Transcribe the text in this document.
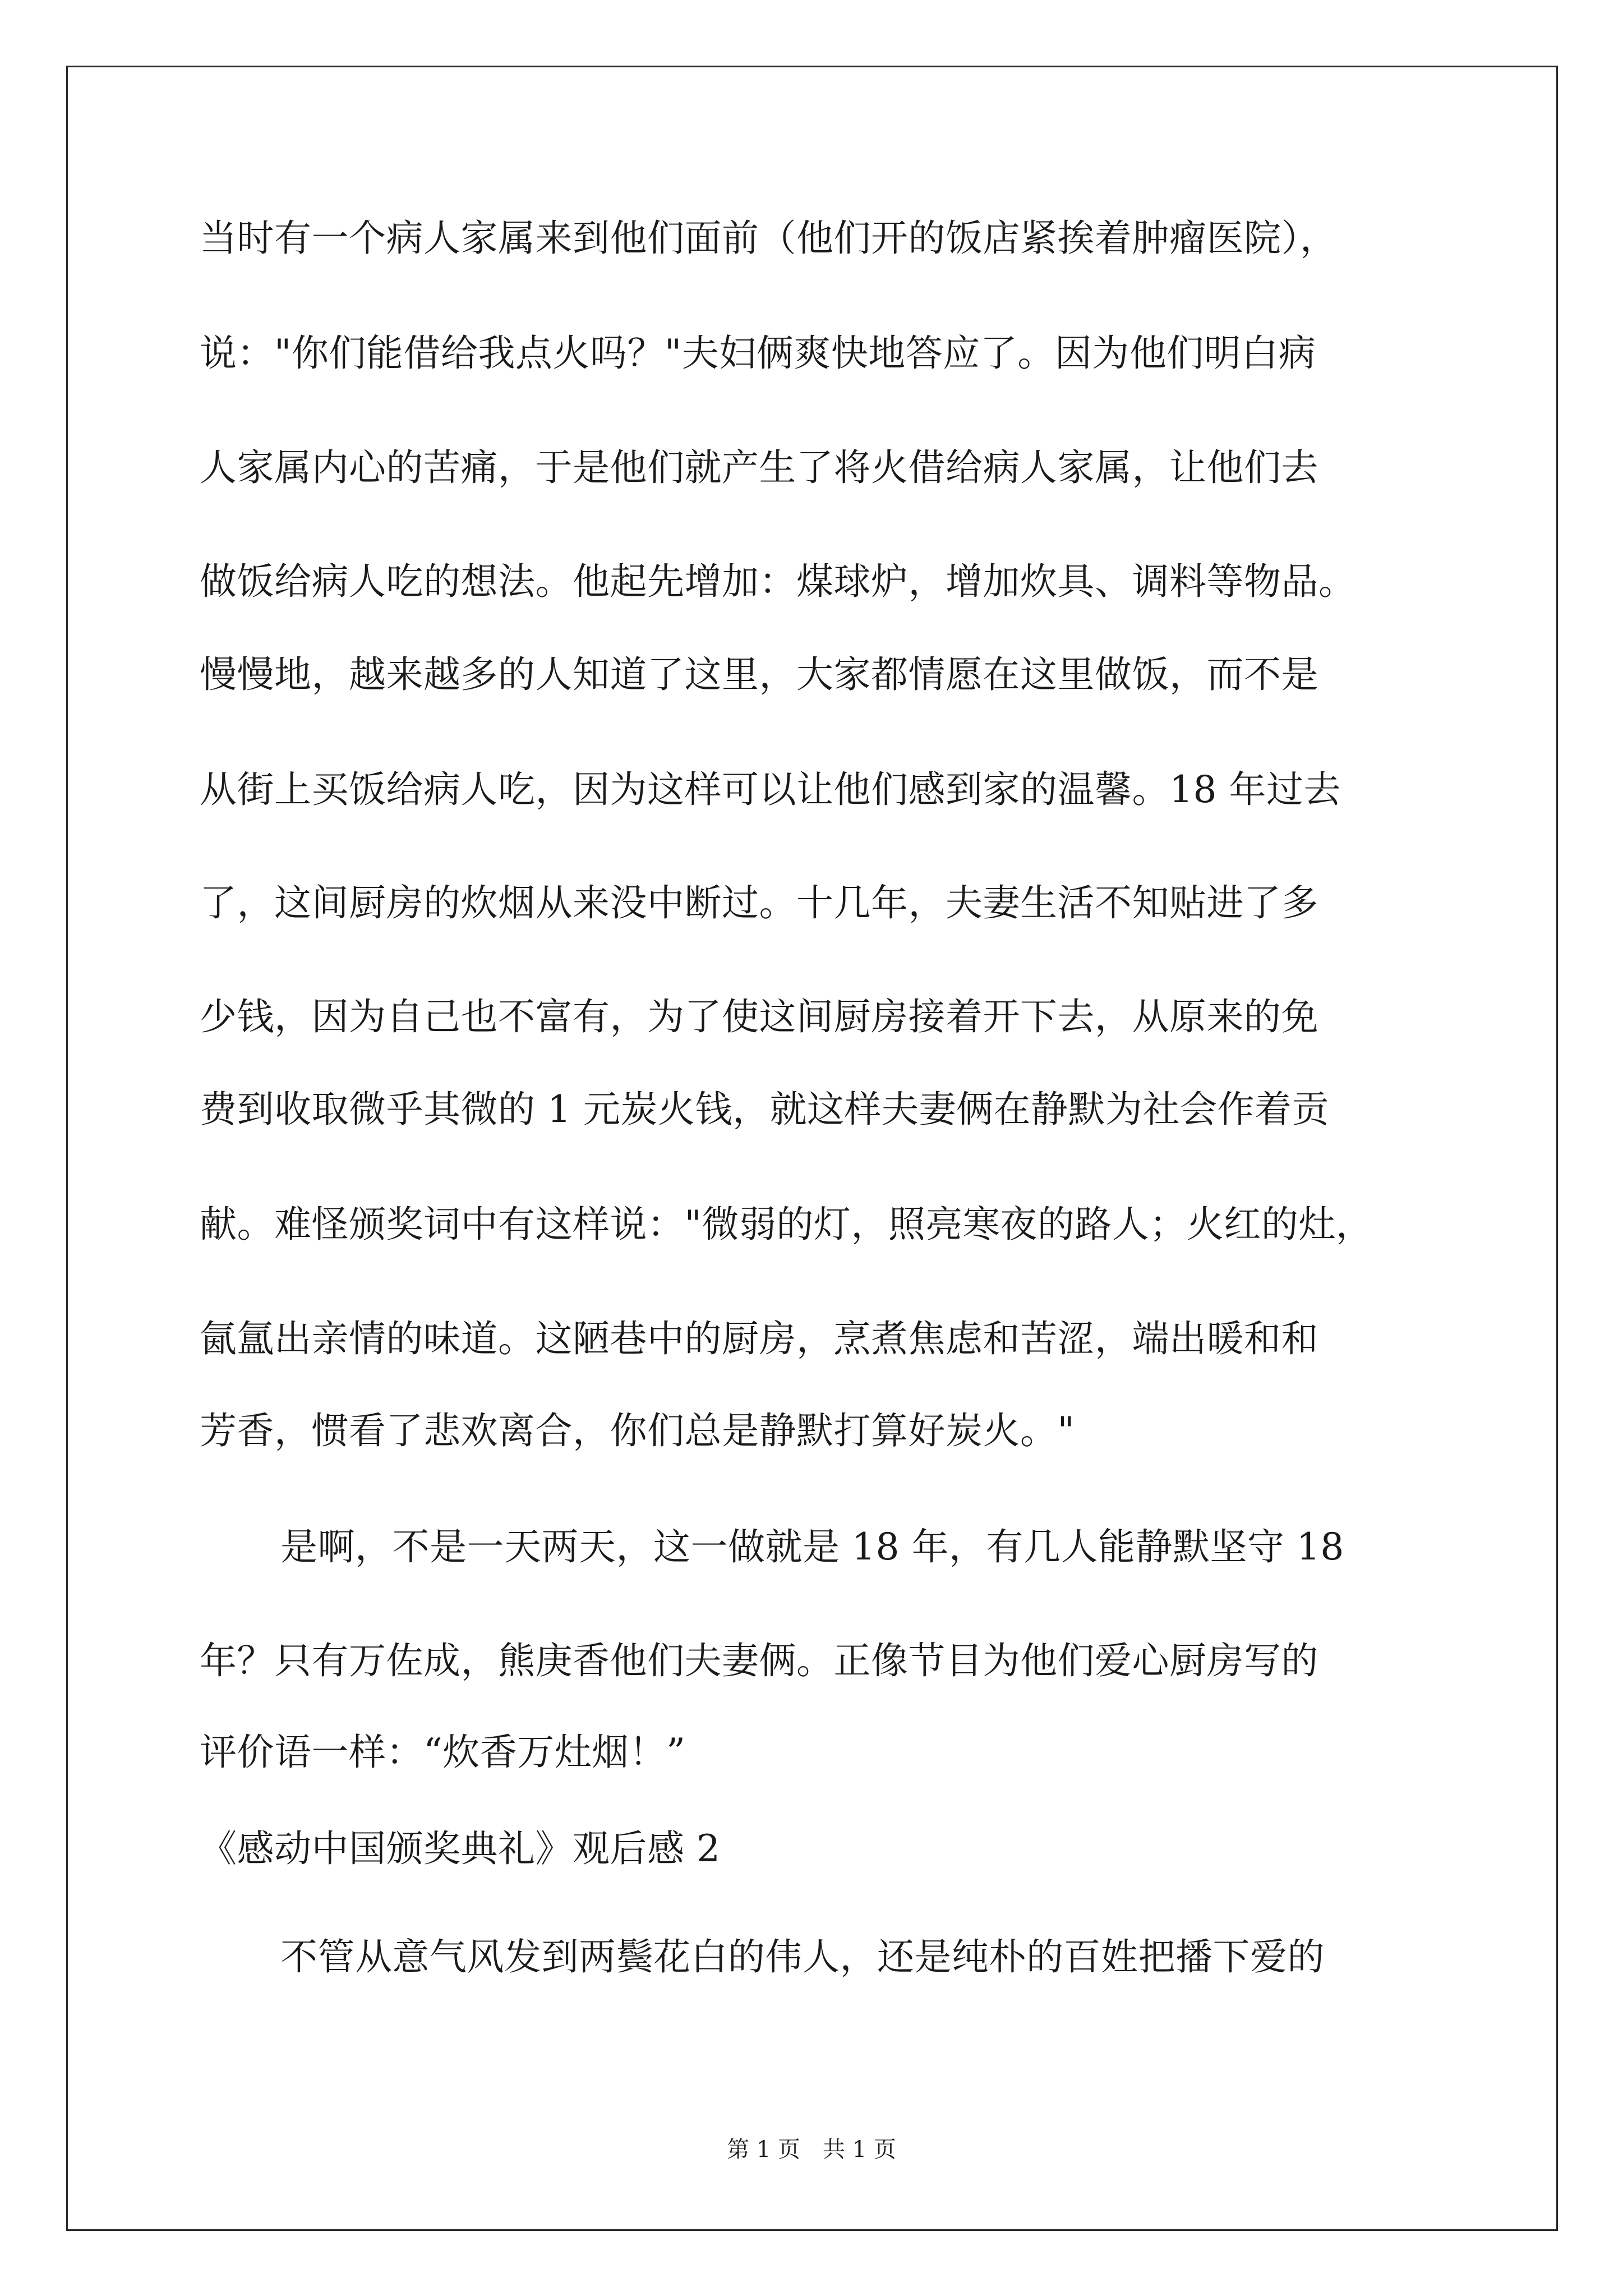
当时有一个病人家属来到他们面前（他们开的饭店紧挨着肿瘤医院），
说："你们能借给我点火吗？"夫妇俩爽快地答应了。因为他们明白病
人家属内心的苦痛，于是他们就产生了将火借给病人家属，让他们去
做饭给病人吃的想法。他起先增加：煤球炉，增加炊具、调料等物品。
慢慢地，越来越多的人知道了这里，大家都情愿在这里做饭，而不是
从街上买饭给病人吃，因为这样可以让他们感到家的温馨。18 年过去
了，这间厨房的炊烟从来没中断过。十几年，夫妻生活不知贴进了多
少钱，因为自己也不富有，为了使这间厨房接着开下去，从原来的免
费到收取微乎其微的 1 元炭火钱，就这样夫妻俩在静默为社会作着贡
献。难怪颁奖词中有这样说："微弱的灯，照亮寒夜的路人；火红的灶，
氤氲出亲情的味道。这陋巷中的厨房，烹煮焦虑和苦涩，端出暖和和
芳香，惯看了悲欢离合，你们总是静默打算好炭火。"
是啊，不是一天两天，这一做就是 18 年，有几人能静默坚守 18
年？只有万佐成，熊庚香他们夫妻俩。正像节目为他们爱心厨房写的
评价语一样：“炊香万灶烟！”
《感动中国颁奖典礼》观后感 2
不管从意气风发到两鬓花白的伟人，还是纯朴的百姓把播下爱的
第 1 页 共 1 页
